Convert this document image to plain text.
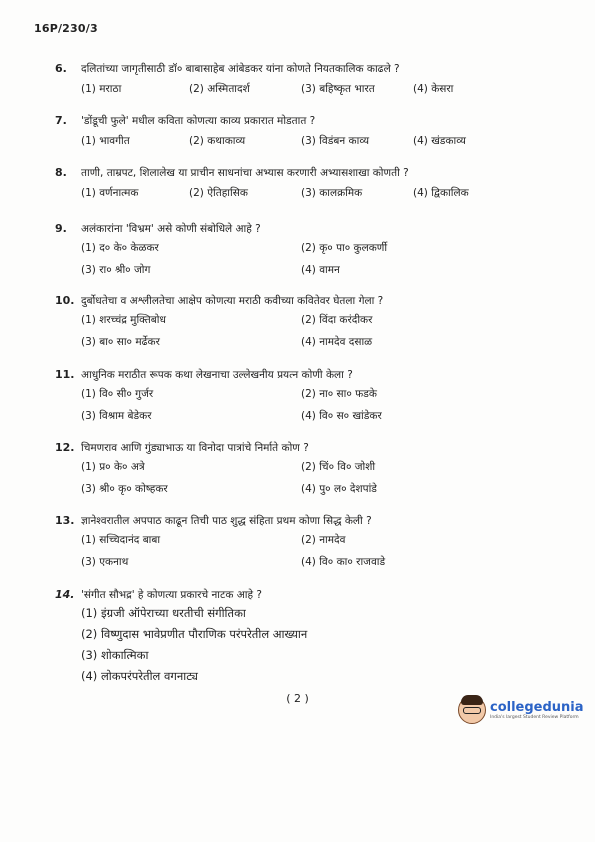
16P/230/3
6.	दलितांच्या जागृतीसाठी डॉ० बाबासाहेब आंबेडकर यांना कोणते नियतकालिक काढले ?
(1) मराठा	(2) अस्मितादर्श	(3) बहिष्कृत भारत	(4) केसरा
7.	'डोंडूची फुले' मधील कविता कोणत्या काव्य प्रकारात मोडतात ?
(1) भावगीत	(2) कथाकाव्य	(3) विडंबन काव्य	(4) खंडकाव्य
8.	ताणी, ताम्रपट, शिलालेख या प्राचीन साधनांचा अभ्यास करणारी अभ्यासशाखा कोणती ?
(1) वर्णनात्मक	(2) ऐतिहासिक	(3) कालक्रमिक	(4) द्विकालिक
9.	अलंकारांना 'विभ्रम' असे कोणी संबोधिले आहे ?
(1) द० के० केळकर	(2) कृ० पा० कुलकर्णी
(3) रा० श्री० जोग	(4) वामन
10. दुर्बोधतेचा व अश्लीलतेचा आक्षेप कोणत्या मराठी कवीच्या कवितेवर घेतला गेला ?
(1) शरच्चंद्र मुक्तिबोध	(2) विंदा करंदीकर
(3) बा० सा० मर्ढेकर	(4) नामदेव दसाळ
11. आधुनिक मराठीत रूपक कथा लेखनाचा उल्लेखनीय प्रयत्न कोणी केला ?
(1) वि० सी० गुर्जर	(2) ना० सा० फडके
(3) विश्राम बेडेकर	(4) वि० स० खांडेकर
12. चिमणराव आणि गुंड्याभाऊ या विनोदा पात्रांचे निर्माते कोण ?
(1) प्र० के० अत्रे	(2) चिं० वि० जोशी
(3) श्री० कृ० कोष्हकर	(4) पु० ल० देशपांडे
13. ज्ञानेश्वरातील अपपाठ काढून तिची पाठ शुद्ध संहिता प्रथम कोणा सिद्ध केली ?
(1) सच्चिदानंद बाबा	(2) नामदेव
(3) एकनाथ	(4) वि० का० राजवाडे
14. 'संगीत सौभद्र' हे कोणत्या प्रकारचे नाटक आहे ?
(1) इंग्रजी ऑपेराच्या धरतीची संगीतिका
(2) विष्णुदास भावेप्रणीत पौराणिक परंपरेतील आख्यान
(3) शोकात्मिका
(4) लोकपरंपरेतील वगनाट्य
( 2 )
collegedunia
India's largest Student Review Platform
